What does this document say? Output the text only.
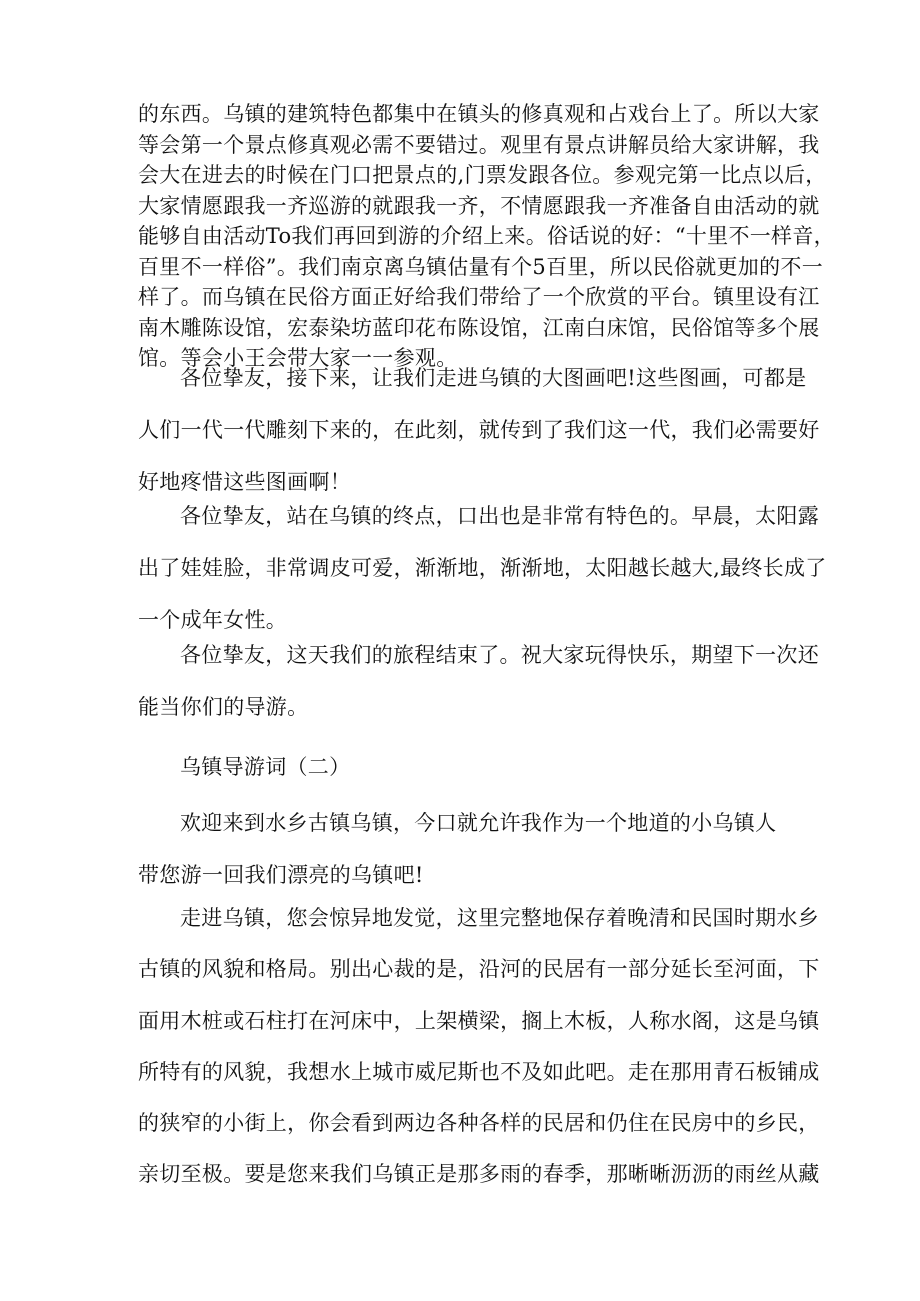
的东西。乌镇的建筑特色都集中在镇头的修真观和占戏台上了。所以大家
等会第一个景点修真观必需不要错过。观里有景点讲解员给大家讲解，我
会大在进去的时候在门口把景点的,门票发跟各位。参观完第一比点以后，
大家情愿跟我一齐巡游的就跟我一齐，不情愿跟我一齐准备自由活动的就
能够自由活动To我们再回到游的介绍上来。俗话说的好：“十里不一样音，
百里不一样俗”。我们南京离乌镇估量有个5百里，所以民俗就更加的不一
样了。而乌镇在民俗方面正好给我们带给了一个欣赏的平台。镇里设有江
南木雕陈设馆，宏泰染坊蓝印花布陈设馆，江南白床馆，民俗馆等多个展
馆。等会小王会带大家一一参观。

各位挚友，接下来，让我们走进乌镇的大图画吧!这些图画，可都是
人们一代一代雕刻下来的，在此刻，就传到了我们这一代，我们必需要好
好地疼惜这些图画啊！

各位挚友，站在乌镇的终点，口出也是非常有特色的。早晨，太阳露
出了娃娃脸，非常调皮可爱，渐渐地，渐渐地，太阳越长越大,最终长成了
一个成年女性。

各位挚友，这天我们的旅程结束了。祝大家玩得快乐，期望下一次还
能当你们的导游。

乌镇导游词（二）

欢迎来到水乡古镇乌镇，今口就允许我作为一个地道的小乌镇人
带您游一回我们漂亮的乌镇吧!

走进乌镇，您会惊异地发觉，这里完整地保存着晚清和民国时期水乡
古镇的风貌和格局。别出心裁的是，沿河的民居有一部分延长至河面，下
面用木桩或石柱打在河床中，上架横梁，搁上木板，人称水阁，这是乌镇
所特有的风貌，我想水上城市威尼斯也不及如此吧。走在那用青石板铺成
的狭窄的小街上，你会看到两边各种各样的民居和仍住在民房中的乡民，
亲切至极。要是您来我们乌镇正是那多雨的春季，那晰晰沥沥的雨丝从藏
